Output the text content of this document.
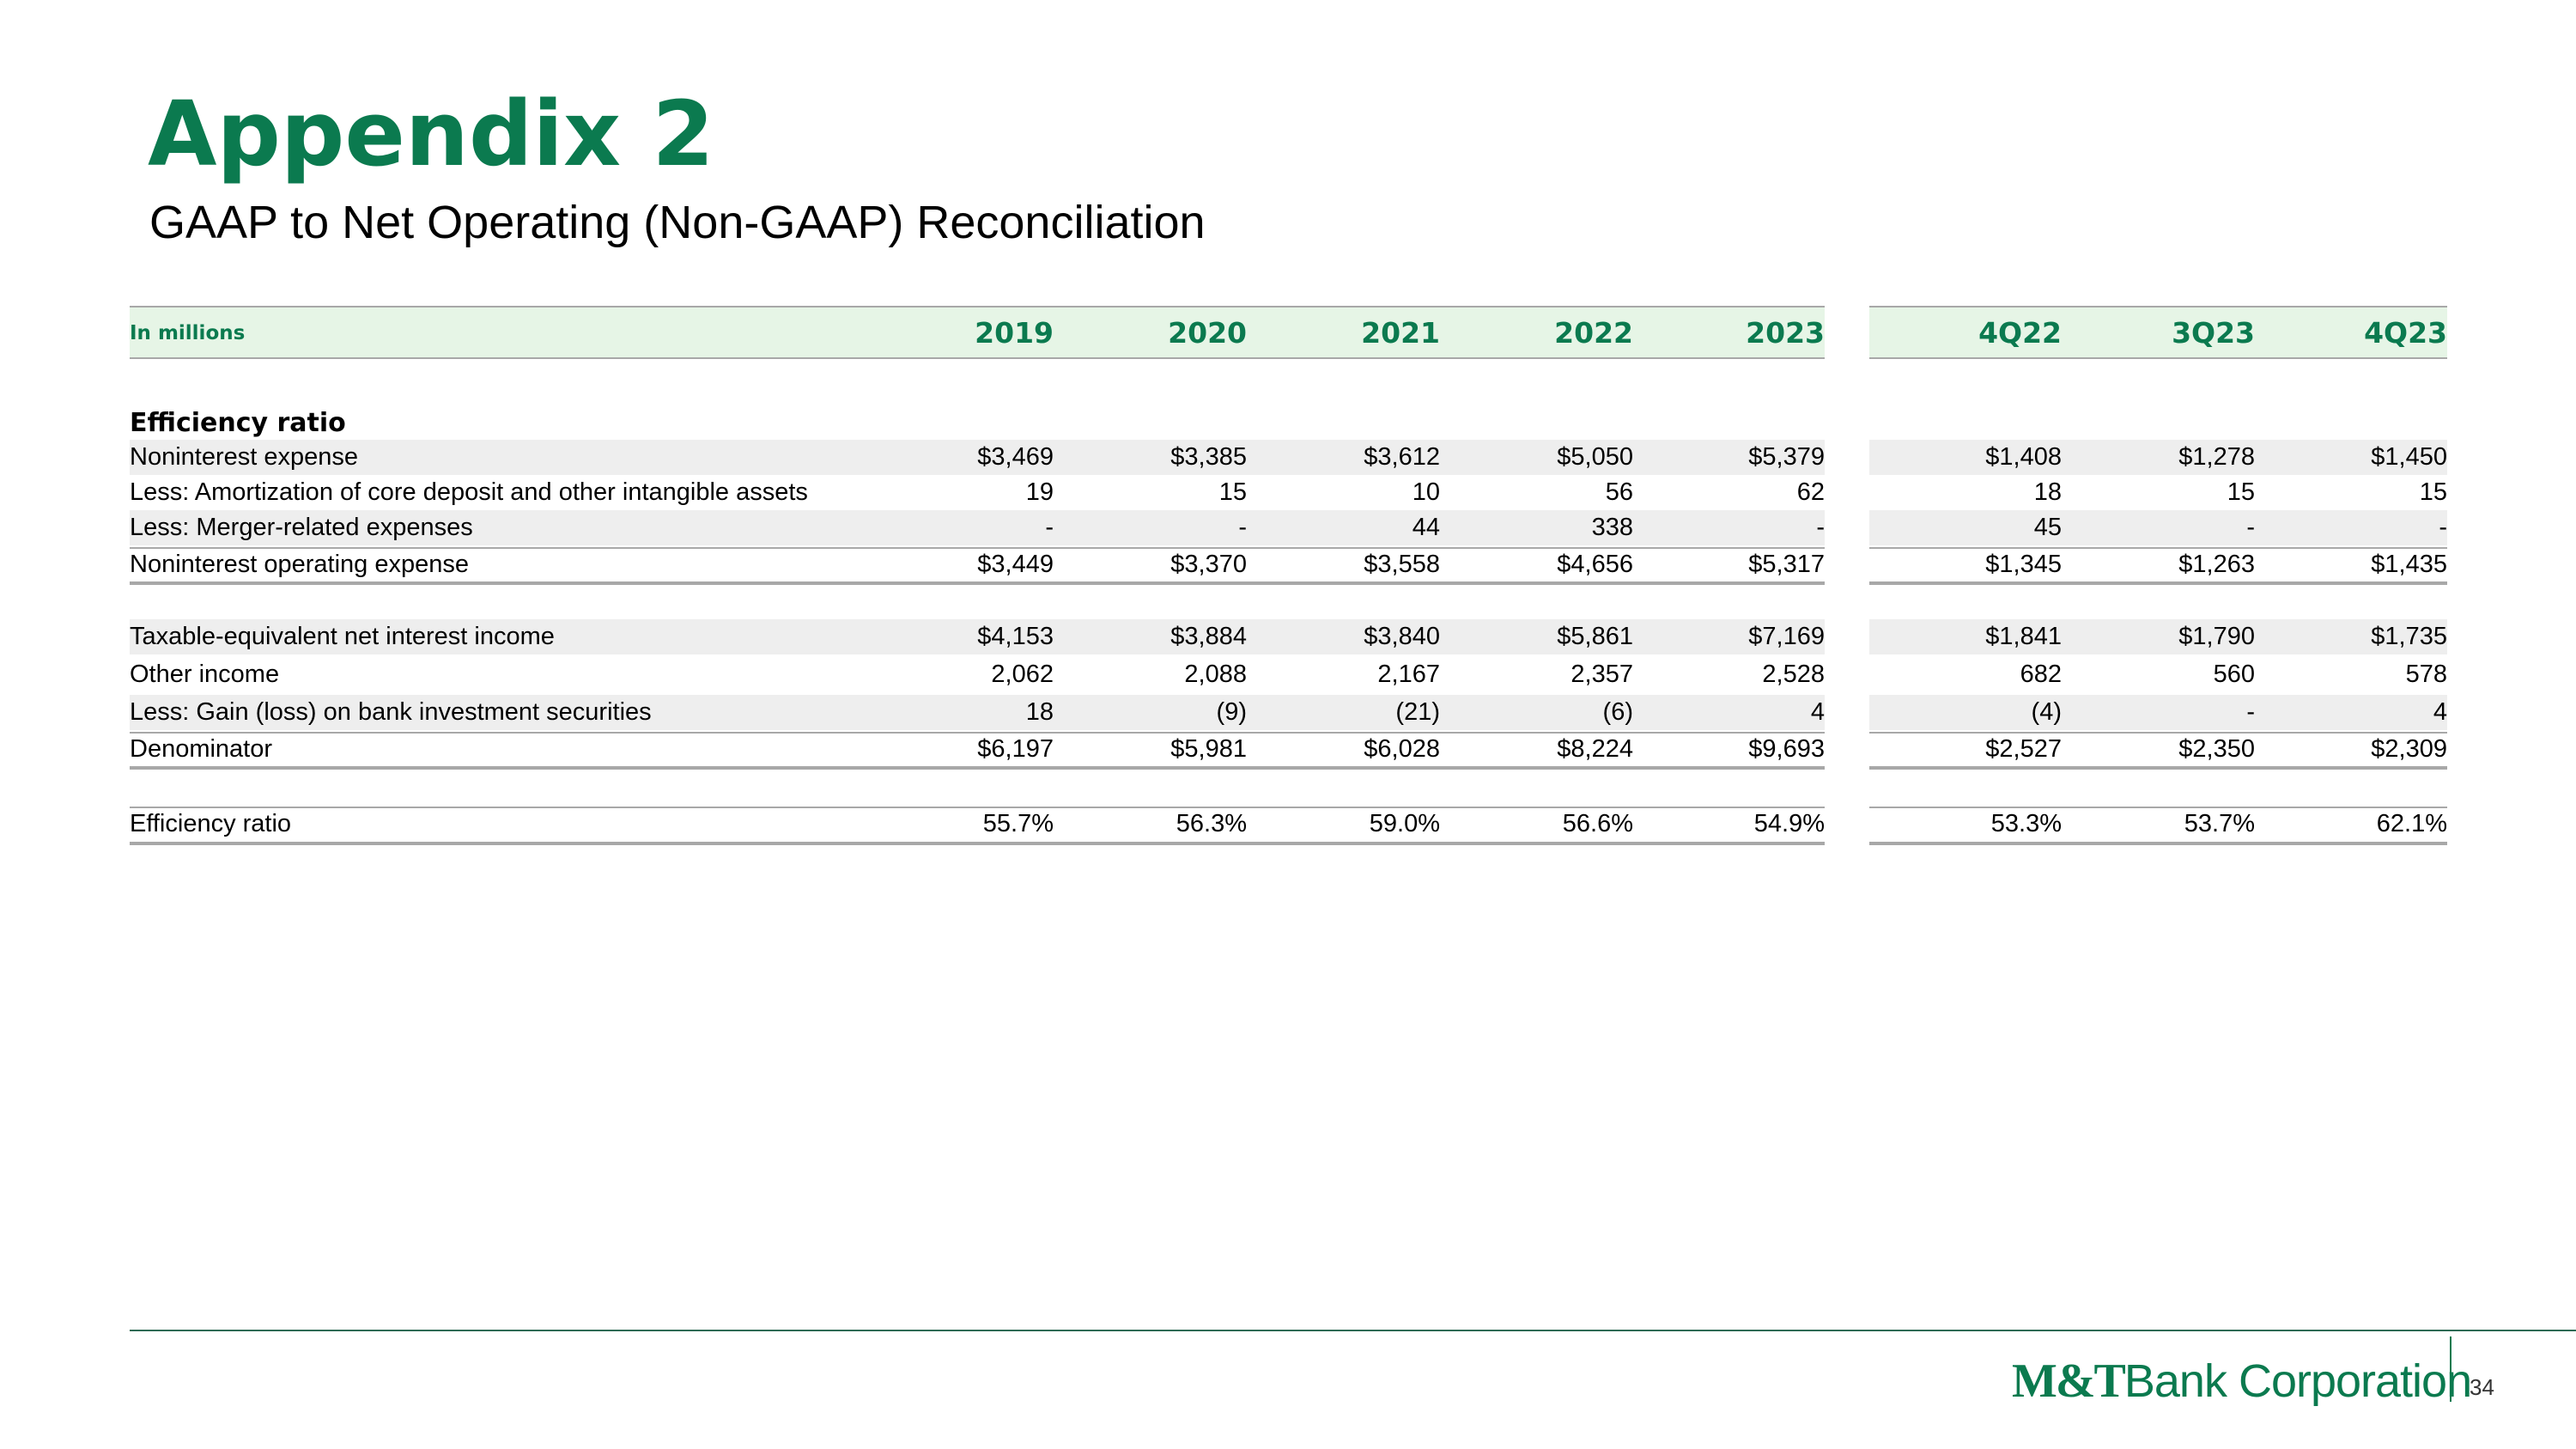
Appendix 2
GAAP to Net Operating (Non-GAAP) Reconciliation
In millions	2019	2020	2021	2022	2023	4Q22	3Q23	4Q23
Efficiency ratio
Noninterest expense	$3,469	$3,385	$3,612	$5,050	$5,379	$1,408	$1,278	$1,450
Less: Amortization of core deposit and other intangible assets	19	15	10	56	62	18	15	15
Less: Merger-related expenses	-	-	44	338	-	45	-	-
Noninterest operating expense	$3,449	$3,370	$3,558	$4,656	$5,317	$1,345	$1,263	$1,435
Taxable-equivalent net interest income	$4,153	$3,884	$3,840	$5,861	$7,169	$1,841	$1,790	$1,735
Other income	2,062	2,088	2,167	2,357	2,528	682	560	578
Less: Gain (loss) on bank investment securities	18	(9)	(21)	(6)	4	(4)	-	4
Denominator	$6,197	$5,981	$6,028	$8,224	$9,693	$2,527	$2,350	$2,309
Efficiency ratio	55.7%	56.3%	59.0%	56.6%	54.9%	53.3%	53.7%	62.1%
M&TBank Corporation
34
